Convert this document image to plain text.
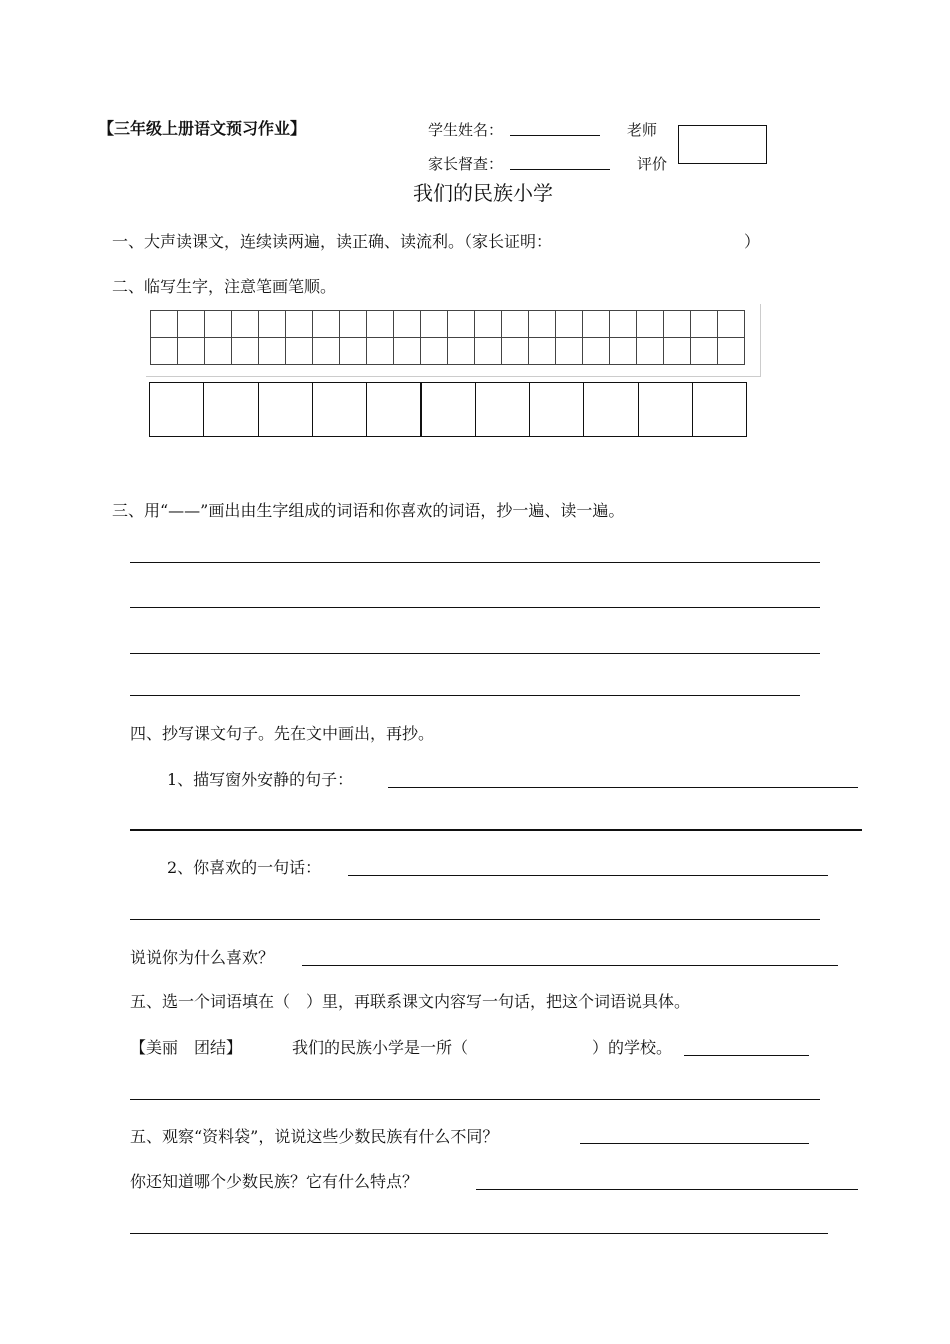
【三年级上册语文预习作业】	学生姓名：	老师
家长督查：	评价
我们的民族小学
一、大声读课文，连续读两遍，读正确、读流利。（家长证明：	）
二、临写生字，注意笔画笔顺。
三、用“——”画出由生字组成的词语和你喜欢的词语，抄一遍、读一遍。
四、抄写课文句子。先在文中画出，再抄。
1、描写窗外安静的句子：
2、你喜欢的一句话：
说说你为什么喜欢？
五、选一个词语填在（　）里，再联系课文内容写一句话，把这个词语说具体。
【美丽　团结】	我们的民族小学是一所（	）的学校。
五、观察“资料袋”，说说这些少数民族有什么不同？
你还知道哪个少数民族？它有什么特点？
